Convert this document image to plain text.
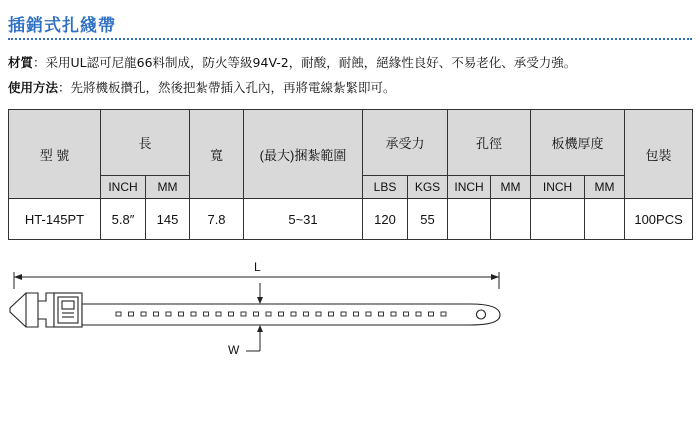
插銷式扎綫帶
材質：采用UL認可尼龍66料制成，防火等級94V-2，耐酸，耐蝕，絕緣性良好、不易老化、承受力強。
使用方法：先將機板攢孔，然後把紮帶插入孔內，再將電線紮緊即可。
型 號	長		寬	(最大)捆紮範圍	承受力		孔徑		板機厚度		包裝
	INCH	MM			LBS	KGS	INCH	MM	INCH	MM	
HT-145PT	5.8″	145	7.8	5~31	120	55					100PCS
L
W
